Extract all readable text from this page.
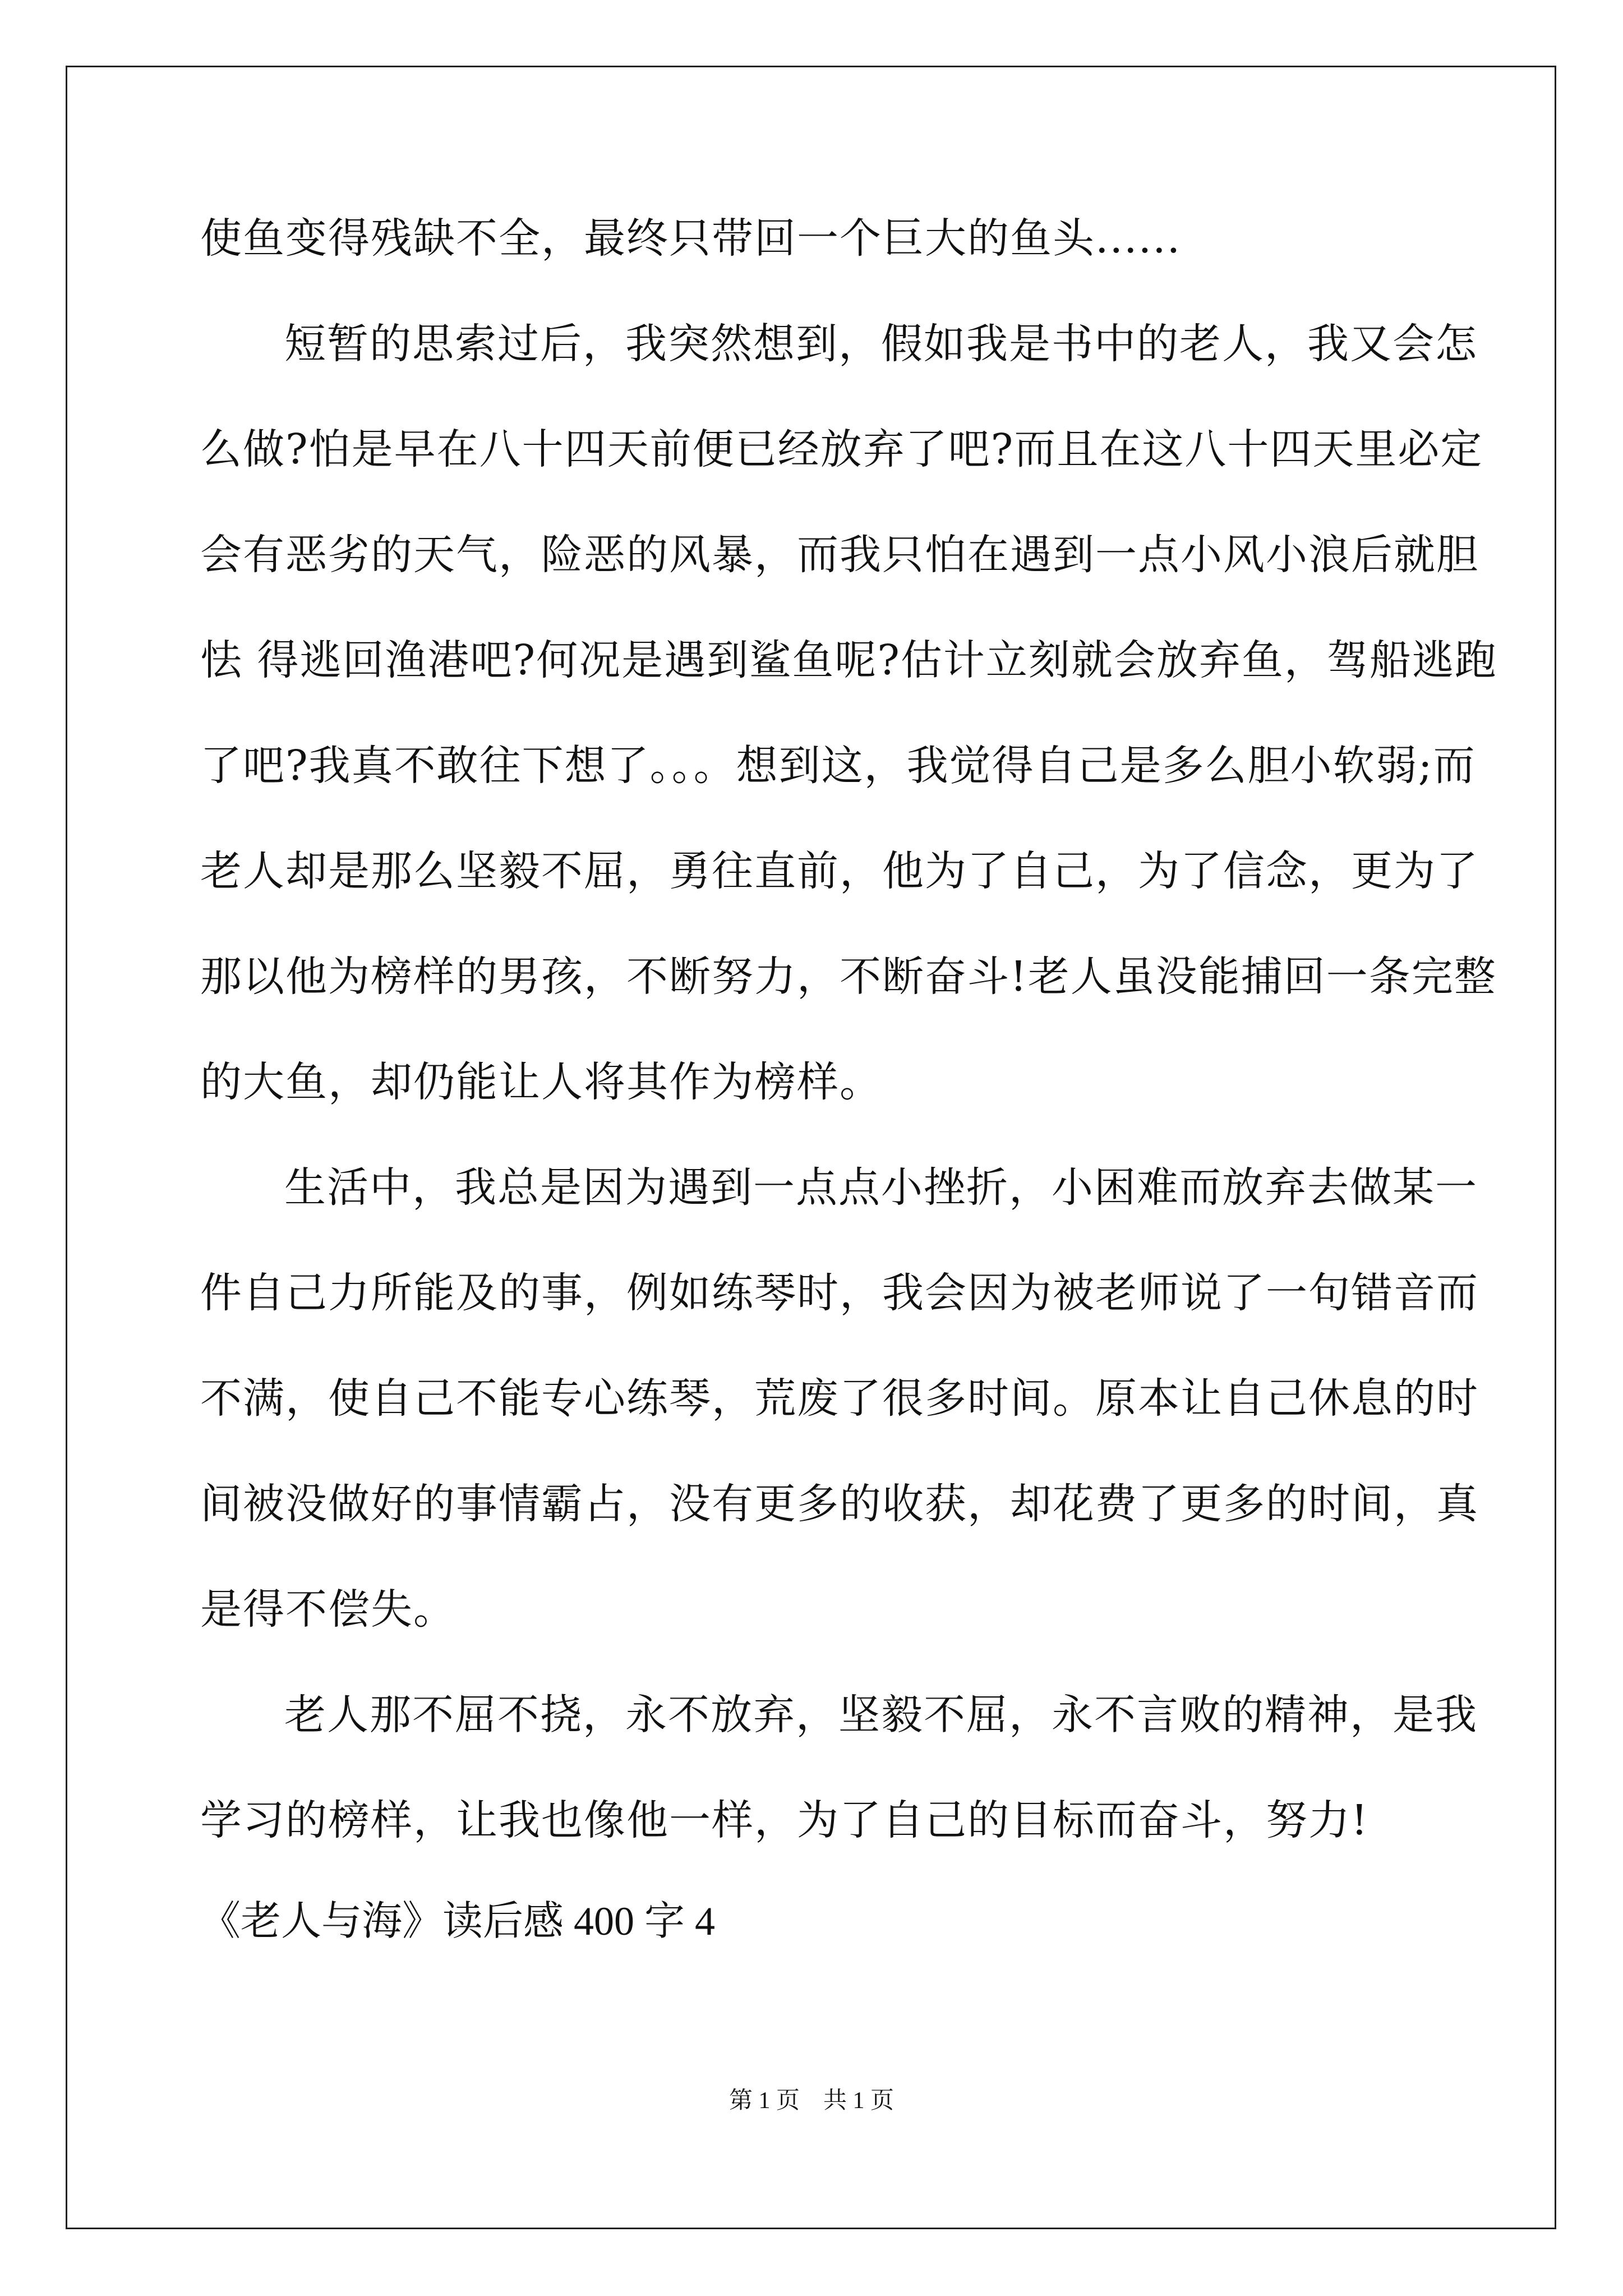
使鱼变得残缺不全，最终只带回一个巨大的鱼头......
短暂的思索过后，我突然想到，假如我是书中的老人，我又会怎
么做?怕是早在八十四天前便已经放弃了吧?而且在这八十四天里必定
会有恶劣的天气，险恶的风暴，而我只怕在遇到一点小风小浪后就胆
怯 得逃回渔港吧?何况是遇到鲨鱼呢?估计立刻就会放弃鱼，驾船逃跑
了吧?我真不敢往下想了。。。想到这，我觉得自己是多么胆小软弱;而
老人却是那么坚毅不屈，勇往直前，他为了自己，为了信念，更为了
那以他为榜样的男孩，不断努力，不断奋斗!老人虽没能捕回一条完整
的大鱼，却仍能让人将其作为榜样。
生活中，我总是因为遇到一点点小挫折，小困难而放弃去做某一
件自己力所能及的事，例如练琴时，我会因为被老师说了一句错音而
不满，使自己不能专心练琴，荒废了很多时间。原本让自己休息的时
间被没做好的事情霸占，没有更多的收获，却花费了更多的时间，真
是得不偿失。
老人那不屈不挠，永不放弃，坚毅不屈，永不言败的精神，是我
学习的榜样，让我也像他一样，为了自己的目标而奋斗，努力!
《老人与海》读后感 400 字 4
第 1 页　共 1 页
